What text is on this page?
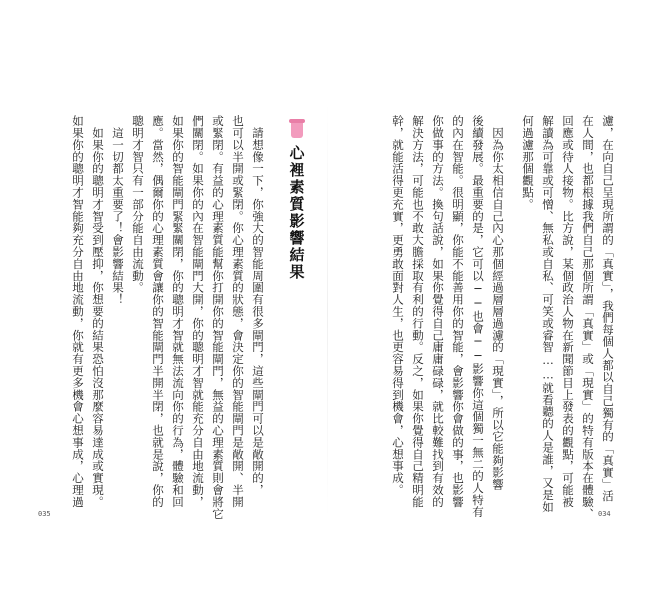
　請想像一下，你強大的智能周圍有很多閘門，這些閘門可以是敞開的，

也可以半開或緊閉。你心理素質的狀態，會決定你的智能閘門是敞開、半開

或緊閉。有益的心理素質能幫你打開你的智能閘門，無益的心理素質則會將它

們關閉。如果你的內在智能閘門大開，你的聰明才智就能充分自由地流動，

如果你的智能閘門緊緊關閉，你的聰明才智就無法流向你的行為，體驗和回

應。當然，偶爾你的心理素質會讓你的智能閘門半開半閉，也就是說，你的

聰明才智只有一部分能自由流動。

　這一切都太重要了！會影響結果！

　如果你的聰明才智受到壓抑，你想要的結果恐怕沒那麼容易達成或實現。

如果你的聰明才智能夠充分自由地流動，你就有更多機會心想事成，心理過	心裡素質影響結果	濾，在向自己呈現所謂的「真實」，我們每個人都以自己獨有的「真實」活

在人間，也都根據我們自己那個所謂「真實」或「現實」的特有版本在體驗、

回應或待人接物。比方說，某個政治人物在新聞節目上發表的觀點，可能被

解讀為可靠或可憎、無私或自私、可笑或睿智……就看聽的人是誰，又是如

何過濾那個觀點。

　因為你太相信自己內心那個經過層層過濾的「現實」，所以它能夠影響

後續發展。最重要的是，它可以──也會──影響你這個獨一無二的人特有

的內在智能。很明顯，你能不能善用你的智能，會影響你會做的事，也影響

你做事的方法。換句話說，如果你覺得自己庸庸碌碌，就比較難找到有效的

解決方法，可能也不敢大膽採取有利的行動。反之，如果你覺得自己精明能

幹，就能活得更充實，更勇敢面對人生，也更容易得到機會，心想事成。

035	034
